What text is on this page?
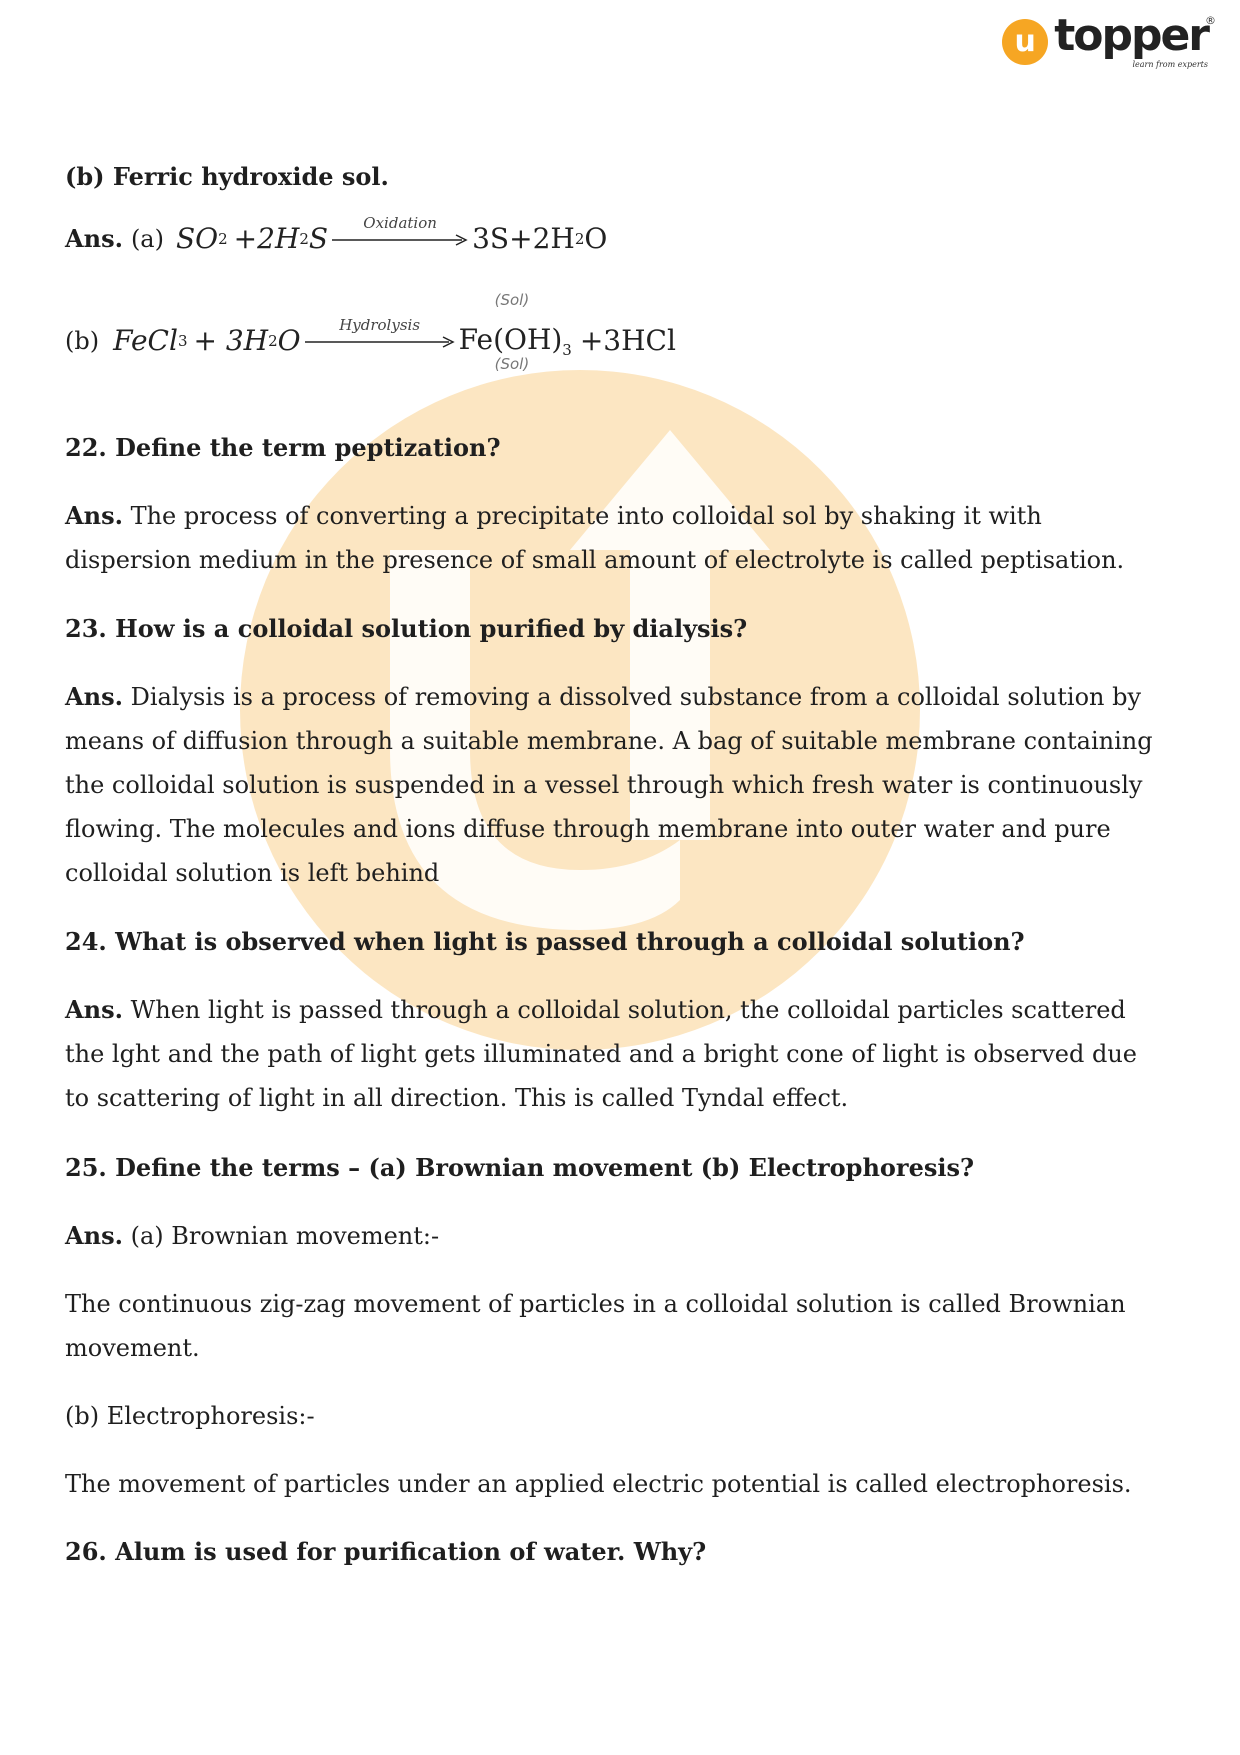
u topper
learn from experts
®
(b) Ferric hydroxide sol.
Ans. (a) SO 2 +2H 2 S	Oxidation	3S+2H 2 O
(b) FeCl 3 + 3H 2 O	Hydrolysis
(Sol)
$Fe(OH)_3$
(Sol)
+3HCl
22. Define the term peptization?
Ans. The process of converting a precipitate into colloidal sol by shaking it with dispersion medium in the presence of small amount of electrolyte is called peptisation.
23. How is a colloidal solution purified by dialysis?
Ans. Dialysis is a process of removing a dissolved substance from a colloidal solution by means of diffusion through a suitable membrane. A bag of suitable membrane containing the colloidal solution is suspended in a vessel through which fresh water is continuously flowing. The molecules and ions diffuse through membrane into outer water and pure colloidal solution is left behind
24. What is observed when light is passed through a colloidal solution?
Ans. When light is passed through a colloidal solution, the colloidal particles scattered the lght and the path of light gets illuminated and a bright cone of light is observed due to scattering of light in all direction. This is called Tyndal effect.
25. Define the terms – (a) Brownian movement (b) Electrophoresis?
Ans. (a) Brownian movement:-
The continuous zig-zag movement of particles in a colloidal solution is called Brownian movement.
(b) Electrophoresis:-
The movement of particles under an applied electric potential is called electrophoresis.
26. Alum is used for purification of water. Why?
